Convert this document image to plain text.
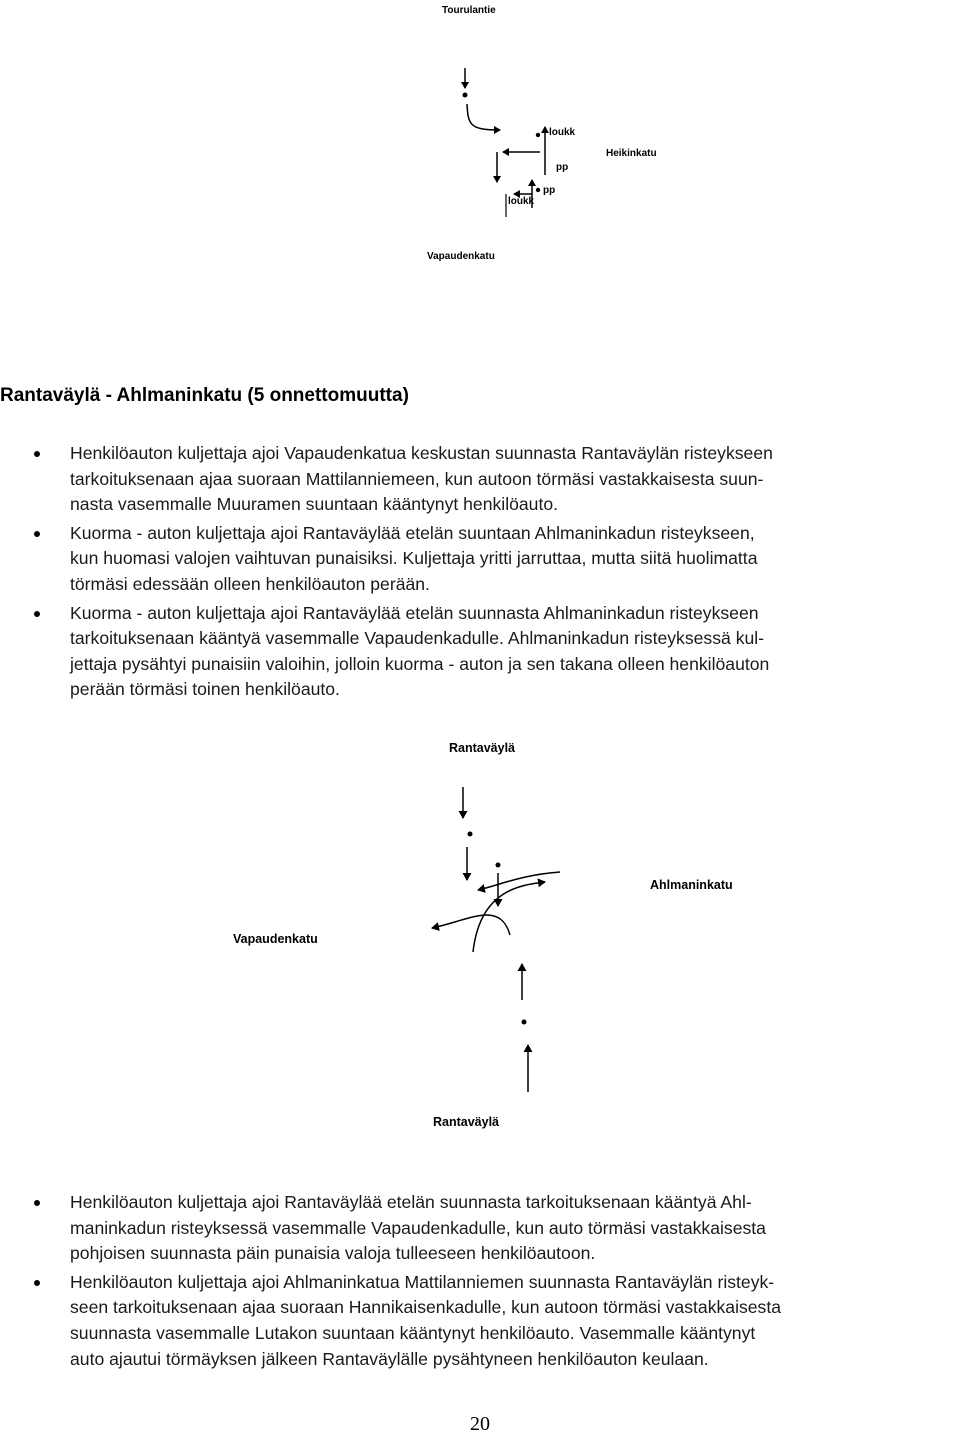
Tourulantie
loukk
Heikinkatu
pp
pp
loukk
Vapaudenkatu
Rantaväylä - Ahlmaninkatu (5 onnettomuutta)
Henkilöauton kuljettaja ajoi Vapaudenkatua keskustan suunnasta Rantaväylän risteykseen
tarkoituksenaan ajaa suoraan Mattilanniemeen, kun autoon törmäsi vastakkaisesta suun-
nasta vasemmalle Muuramen suuntaan kääntynyt henkilöauto.
Kuorma - auton kuljettaja ajoi Rantaväylää etelän suuntaan Ahlmaninkadun risteykseen,
kun huomasi valojen vaihtuvan punaisiksi. Kuljettaja yritti jarruttaa, mutta siitä huolimatta
törmäsi edessään olleen henkilöauton perään.
Kuorma - auton kuljettaja ajoi Rantaväylää etelän suunnasta Ahlmaninkadun risteykseen
tarkoituksenaan kääntyä vasemmalle Vapaudenkadulle. Ahlmaninkadun risteyksessä kul-
jettaja pysähtyi punaisiin valoihin, jolloin kuorma - auton ja sen takana olleen henkilöauton
perään törmäsi toinen henkilöauto.
Rantaväylä
Ahlmaninkatu
Vapaudenkatu
Rantaväylä
Henkilöauton kuljettaja ajoi Rantaväylää etelän suunnasta tarkoituksenaan kääntyä Ahl-
maninkadun risteyksessä vasemmalle Vapaudenkadulle, kun auto törmäsi vastakkaisesta
pohjoisen suunnasta päin punaisia valoja tulleeseen henkilöautoon.
Henkilöauton kuljettaja ajoi Ahlmaninkatua Mattilanniemen suunnasta Rantaväylän risteyk-
seen tarkoituksenaan ajaa suoraan Hannikaisenkadulle, kun autoon törmäsi vastakkaisesta
suunnasta vasemmalle Lutakon suuntaan kääntynyt henkilöauto. Vasemmalle kääntynyt
auto ajautui törmäyksen jälkeen Rantaväylälle pysähtyneen henkilöauton keulaan.
20
